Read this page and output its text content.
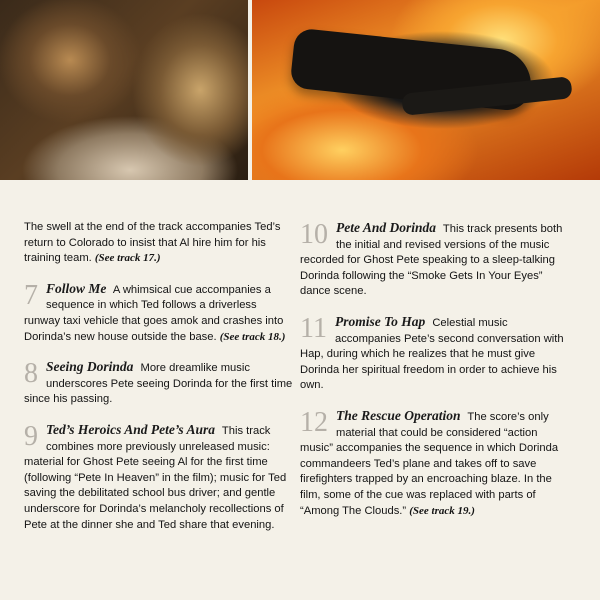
The swell at the end of the track accompanies Ted’s return to Colorado to insist that Al hire him for his training team. (See track 17.)

7 Follow Me A whimsical cue accompanies a sequence in which Ted follows a driverless runway taxi vehicle that goes amok and crashes into Dorinda’s new house outside the base. (See track 18.)

8 Seeing Dorinda More dreamlike music underscores Pete seeing Dorinda for the first time since his passing.

9 Ted’s Heroics And Pete’s Aura This track combines more previously unreleased music: material for Ghost Pete seeing Al for the first time (following “Pete In Heaven” in the film); music for Ted saving the debilitated school bus driver; and gentle underscore for Dorinda’s melancholy recollections of Pete at the dinner she and Ted share that evening.

10 Pete And Dorinda This track presents both the initial and revised versions of the music recorded for Ghost Pete speaking to a sleep-talking Dorinda following the “Smoke Gets In Your Eyes” dance scene.

11 Promise To Hap Celestial music accompanies Pete’s second conversation with Hap, during which he realizes that he must give Dorinda her spiritual freedom in order to achieve his own.

12 The Rescue Operation The score’s only material that could be considered “action music” accompanies the sequence in which Dorinda commandeers Ted’s plane and takes off to save firefighters trapped by an encroaching blaze. In the film, some of the cue was replaced with parts of “Among The Clouds.” (See track 19.)
